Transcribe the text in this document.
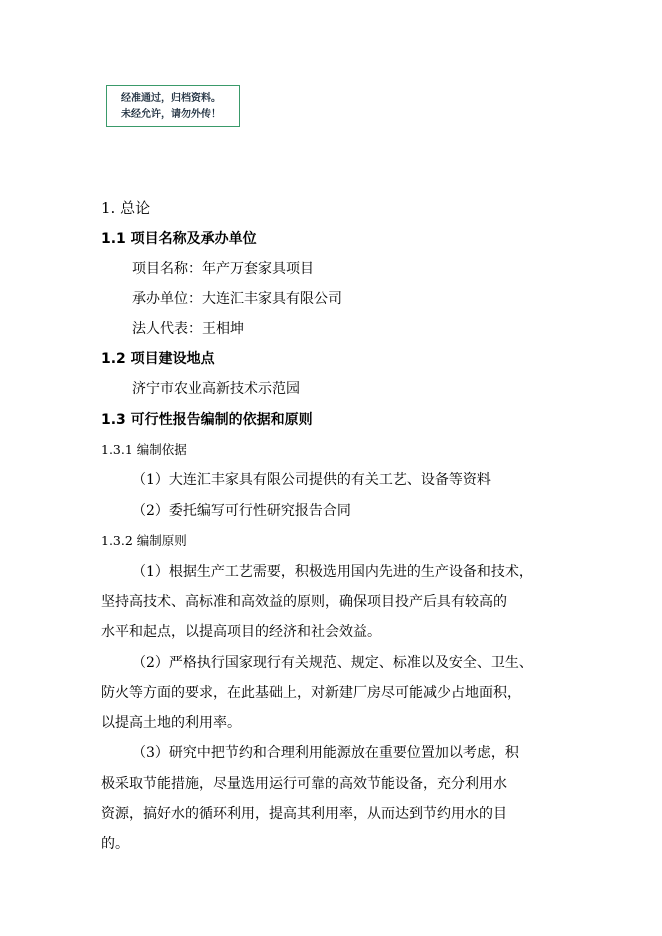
经准通过，归档资料。
未经允许，请勿外传！
1. 总论
1.1 项目名称及承办单位
项目名称：年产万套家具项目
承办单位：大连汇丰家具有限公司
法人代表：王相坤
1.2 项目建设地点
济宁市农业高新技术示范园
1.3 可行性报告编制的依据和原则
1.3.1 编制依据
（1）大连汇丰家具有限公司提供的有关工艺、设备等资料
（2）委托编写可行性研究报告合同
1.3.2 编制原则
（1）根据生产工艺需要，积极选用国内先进的生产设备和技术，
坚持高技术、高标准和高效益的原则，确保项目投产后具有较高的
水平和起点，以提高项目的经济和社会效益。
（2）严格执行国家现行有关规范、规定、标准以及安全、卫生、
防火等方面的要求，在此基础上，对新建厂房尽可能减少占地面积，
以提高土地的利用率。
（3）研究中把节约和合理利用能源放在重要位置加以考虑，积
极采取节能措施，尽量选用运行可靠的高效节能设备，充分利用水
资源，搞好水的循环利用，提高其利用率，从而达到节约用水的目
的。
